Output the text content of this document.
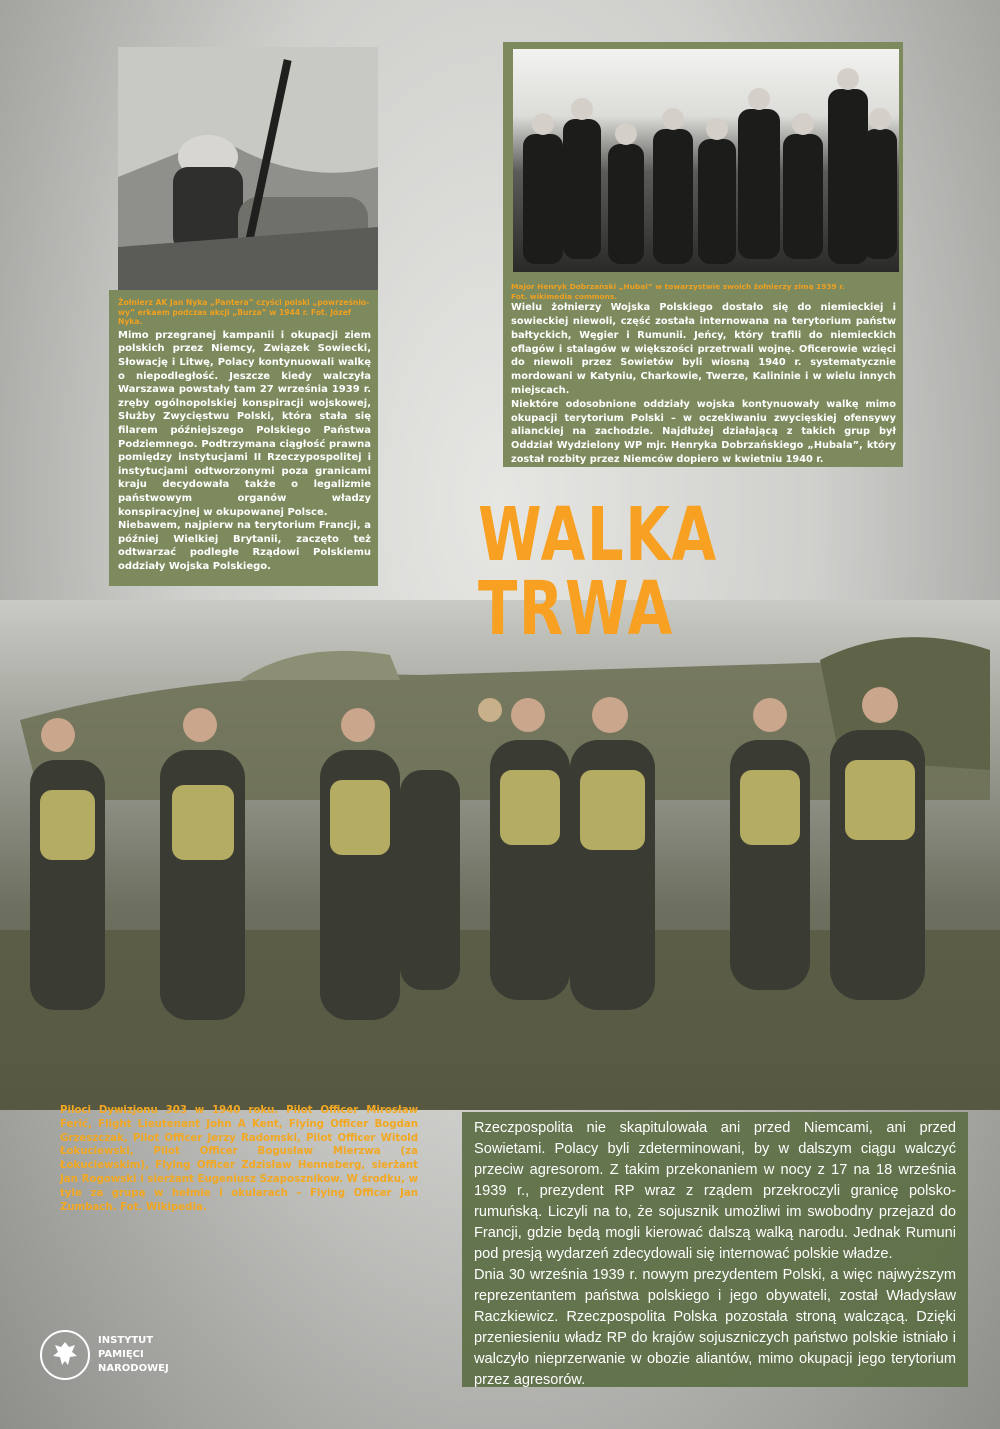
Żołnierz AK Jan Nyka „Pantera” czyści polski „powrześnio-wy” erkaem podczas akcji „Burza” w 1944 r. Fot. Józef Nyka.
Mimo przegranej kampanii i okupacji ziem polskich przez Niemcy, Związek Sowiecki, Słowację i Litwę, Polacy kontynuowali walkę o niepodległość. Jeszcze kiedy walczyła Warszawa powstały tam 27 września 1939 r. zręby ogólnopolskiej konspiracji wojskowej, Służby Zwycięstwu Polski, która stała się filarem późniejszego Polskiego Państwa Podziemnego. Podtrzymana ciągłość prawna pomiędzy instytucjami II Rzeczypospolitej i instytucjami odtworzonymi poza granicami kraju decydowała także o legalizmie państwowym organów władzy konspiracyjnej w okupowanej Polsce.
Niebawem, najpierw na terytorium Francji, a później Wielkiej Brytanii, zaczęto też odtwarzać podległe Rządowi Polskiemu oddziały Wojska Polskiego.
Major Henryk Dobrzański „Hubal” w towarzystwie swoich żołnierzy zimą 1939 r.
Fot. wikimedia commons.
Wielu żołnierzy Wojska Polskiego dostało się do niemieckiej i sowieckiej niewoli, część została internowana na terytorium państw bałtyckich, Węgier i Rumunii. Jeńcy, który trafili do niemieckich oflagów i stalagów w większości przetrwali wojnę. Oficerowie wzięci do niewoli przez Sowietów byli wiosną 1940 r. systematycznie mordowani w Katyniu, Charkowie, Twerze, Kalininie i w wielu innych miejscach.
Niektóre odosobnione oddziały wojska kontynuowały walkę mimo okupacji terytorium Polski – w oczekiwaniu zwycięskiej ofensywy alianckiej na zachodzie. Najdłużej działającą z takich grup był Oddział Wydzielony WP mjr. Henryka Dobrzańskiego „Hubala”, który został rozbity przez Niemców dopiero w kwietniu 1940 r.
WALKA TRWA
Piloci Dywizjonu 303 w 1940 roku. Pilot Officer Mirosław Ferić, Flight Lieutenant John A Kent, Flying Officer Bogdan Grzeszczak, Pilot Officer Jerzy Radomski, Pilot Officer Witold Łokuciewski, Pilot Officer Bogusław Mierzwa (za Łokuciewskim), Flying Officer Zdzisław Henneberg, sierżant Jan Rogowski i sierżant Eugeniusz Szaposznikow. W środku, w tyle za grupą w hełmie i okularach – Flying Officer Jan Zumbach. Fot. Wikipedia.
Rzeczpospolita nie skapitulowała ani przed Niemcami, ani przed Sowietami. Polacy byli zdeterminowani, by w dalszym ciągu walczyć przeciw agresorom. Z takim przekonaniem w nocy z 17 na 18 września 1939 r., prezydent RP wraz z rządem przekroczyli granicę polsko-rumuńską. Liczyli na to, że sojusznik umożliwi im swobodny przejazd do Francji, gdzie będą mogli kierować dalszą walką narodu. Jednak Rumuni pod presją wydarzeń zdecydowali się internować polskie władze.
Dnia 30 września 1939 r. nowym prezydentem Polski, a więc najwyższym reprezentantem państwa polskiego i jego obywateli, został Władysław Raczkiewicz. Rzeczpospolita Polska pozostała stroną walczącą. Dzięki przeniesieniu władz RP do krajów sojuszniczych państwo polskie istniało i walczyło nieprzerwanie w obozie aliantów, mimo okupacji jego terytorium przez agresorów.
INSTYTUT
PAMIĘCI
NARODOWEJ
